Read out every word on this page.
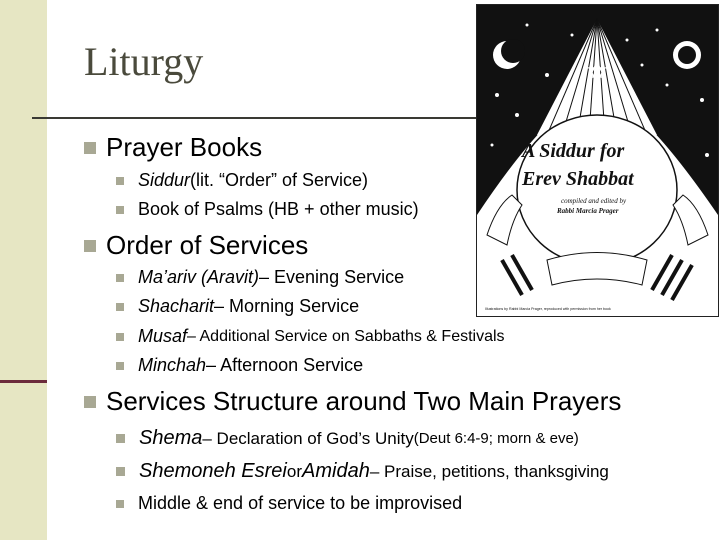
Liturgy
A Siddur for
Erev Shabbat
compiled and edited by
Rabbi Marcia Prager
Illustrations by Rabbi Marcia Prager, reproduced with permission from her book
Prayer Books
Siddur (lit. “Order” of Service)
Book of Psalms (HB + other music)
Order of Services
Ma’ariv (Aravit) – Evening Service
Shacharit – Morning Service
Musaf – Additional Service on Sabbaths & Festivals
Minchah – Afternoon Service
Services Structure around Two Main Prayers
Shema – Declaration of God’s Unity (Deut 6:4-9; morn & eve)
Shemoneh Esrei or Amidah – Praise, petitions, thanksgiving
Middle & end of service to be improvised
